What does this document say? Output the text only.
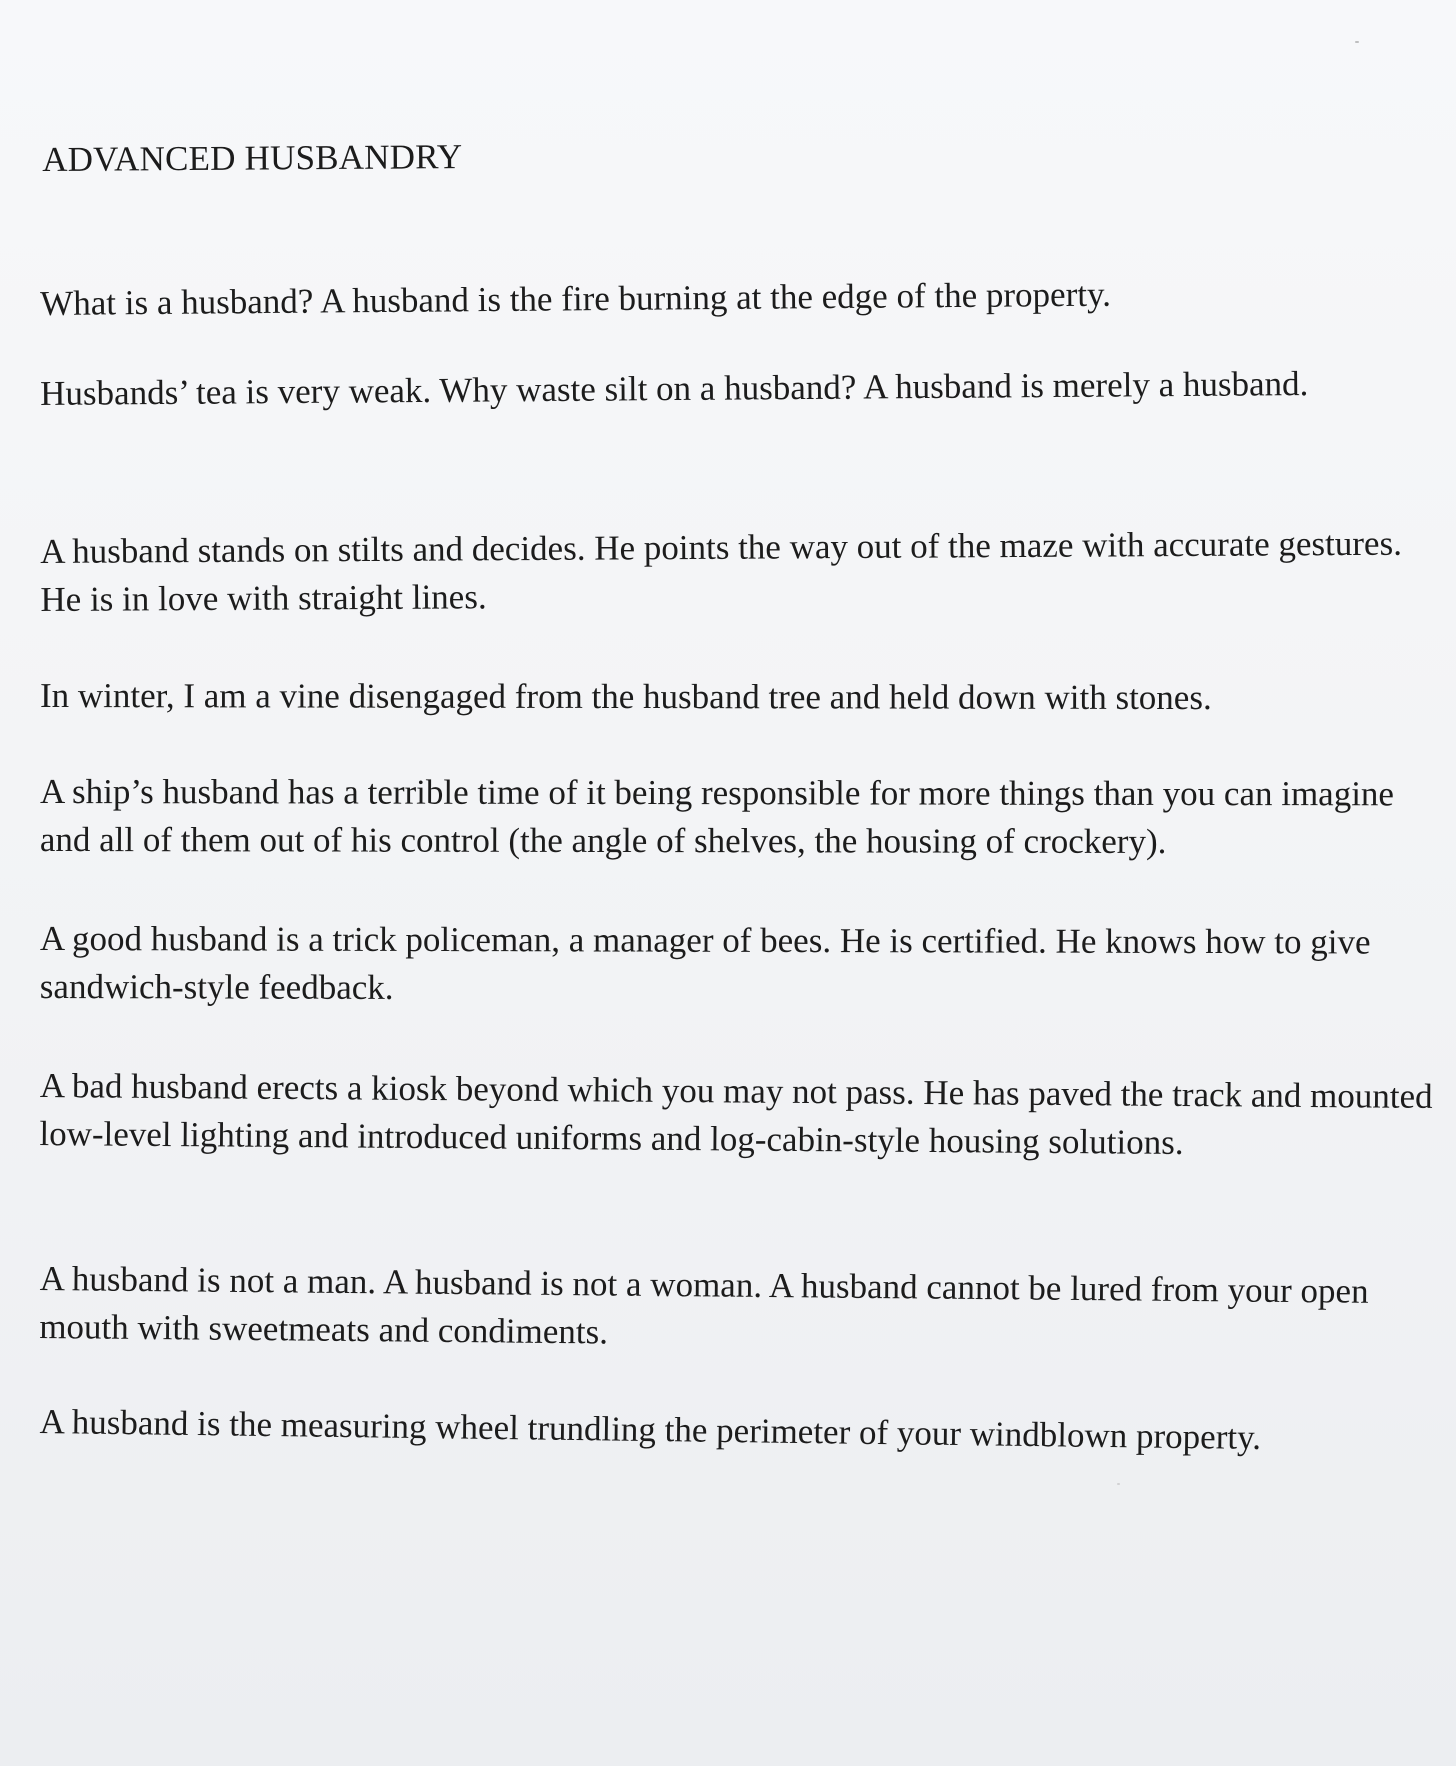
ADVANCED HUSBANDRY

What is a husband? A husband is the fire burning at the edge of the property.

Husbands’ tea is very weak. Why waste silt on a husband? A husband is merely a husband.

A husband stands on stilts and decides. He points the way out of the maze with accurate gestures. He is in love with straight lines.

In winter, I am a vine disengaged from the husband tree and held down with stones.

A ship’s husband has a terrible time of it being responsible for more things than you can imagine and all of them out of his control (the angle of shelves, the housing of crockery).

A good husband is a trick policeman, a manager of bees. He is certified. He knows how to give sandwich-style feedback.

A bad husband erects a kiosk beyond which you may not pass. He has paved the track and mounted low-level lighting and introduced uniforms and log-cabin-style housing solutions.

A husband is not a man. A husband is not a woman. A husband cannot be lured from your open mouth with sweetmeats and condiments.

A husband is the measuring wheel trundling the perimeter of your windblown property.
